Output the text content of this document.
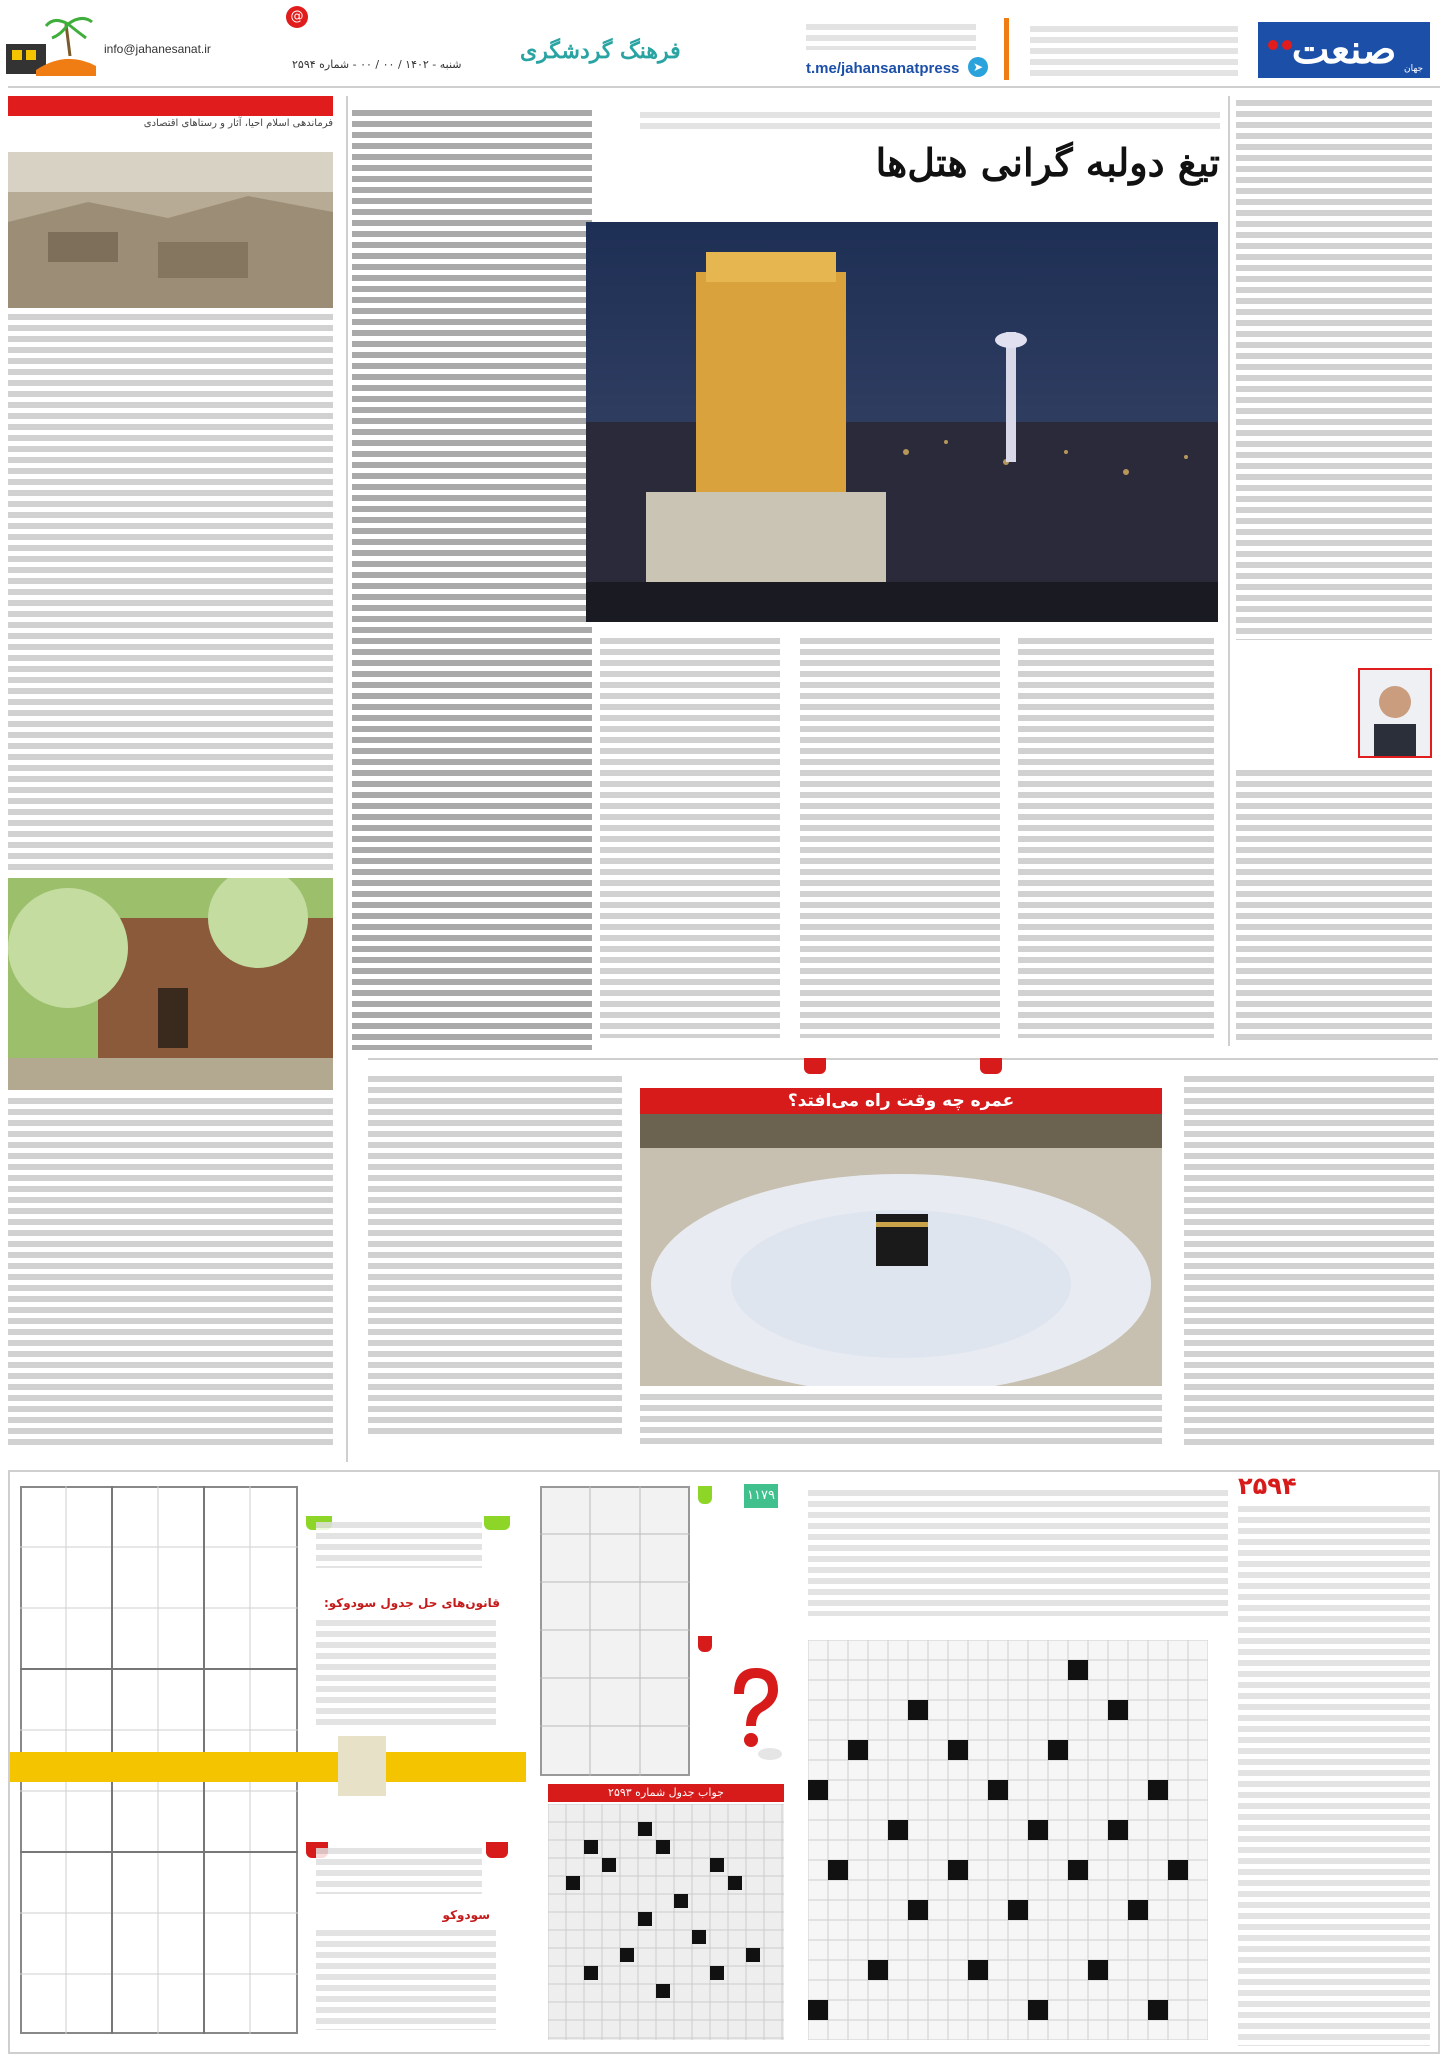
صنعت جهان
➤
t.me/jahansanatpress
فرهنگ گردشگری
@
info@jahanesanat.ir
شنبه - ۱۴۰۲ / ۰۰ / ۰۰ - شماره ۲۵۹۴
فرماندهی اسلام احیا، آثار و رستاهای اقتصادی
تیغ دولبه گرانی هتل‌ها
عمره چه وقت راه می‌افتد؟
۲۵۹۴
قانون‌های حل جدول سودوکو:
سودوکو
۱۱۷۹
جواب جدول شماره ۲۵۹۳
